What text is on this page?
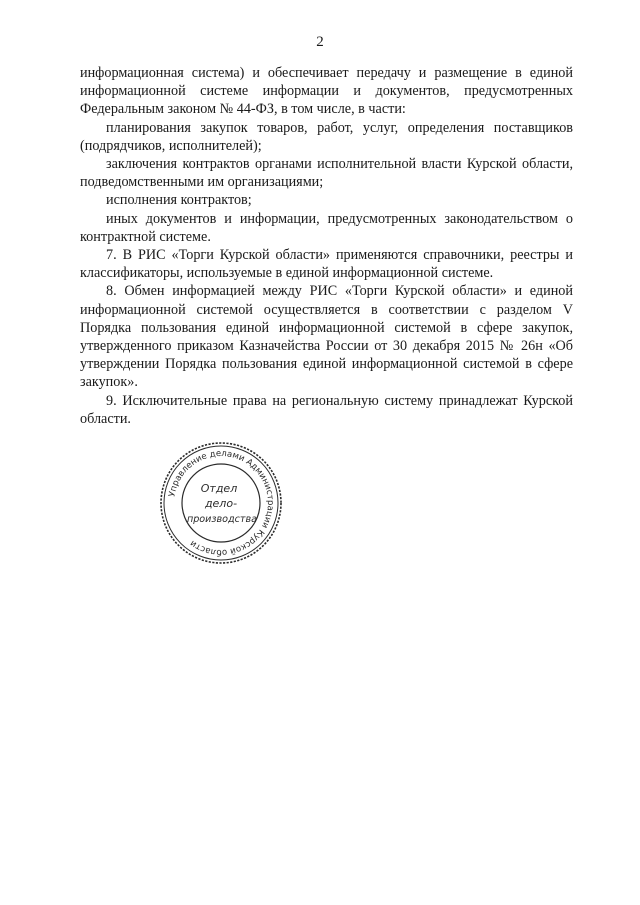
2

информационная система) и обеспечивает передачу и размещение в единой информационной системе информации и документов, предусмотренных Федеральным законом № 44-ФЗ, в том числе, в части:

планирования закупок товаров, работ, услуг, определения поставщиков (подрядчиков, исполнителей);

заключения контрактов органами исполнительной власти Курской области, подведомственными им организациями;

исполнения контрактов;

иных документов и информации, предусмотренных законодательством о контрактной системе.

7. В РИС «Торги Курской области» применяются справочники, реестры и классификаторы, используемые в единой информационной системе.

8. Обмен информацией между РИС «Торги Курской области» и единой информационной системой осуществляется в соответствии с разделом V Порядка пользования единой информационной системой в сфере закупок, утвержденного приказом Казначейства России от 30 декабря 2015 № 26н «Об утверждении Порядка пользования единой информационной системой в сфере закупок».

9. Исключительные права на региональную систему принадлежат Курской области.

Управление делами Администрации Курской области
Отдел
дело-
производства
